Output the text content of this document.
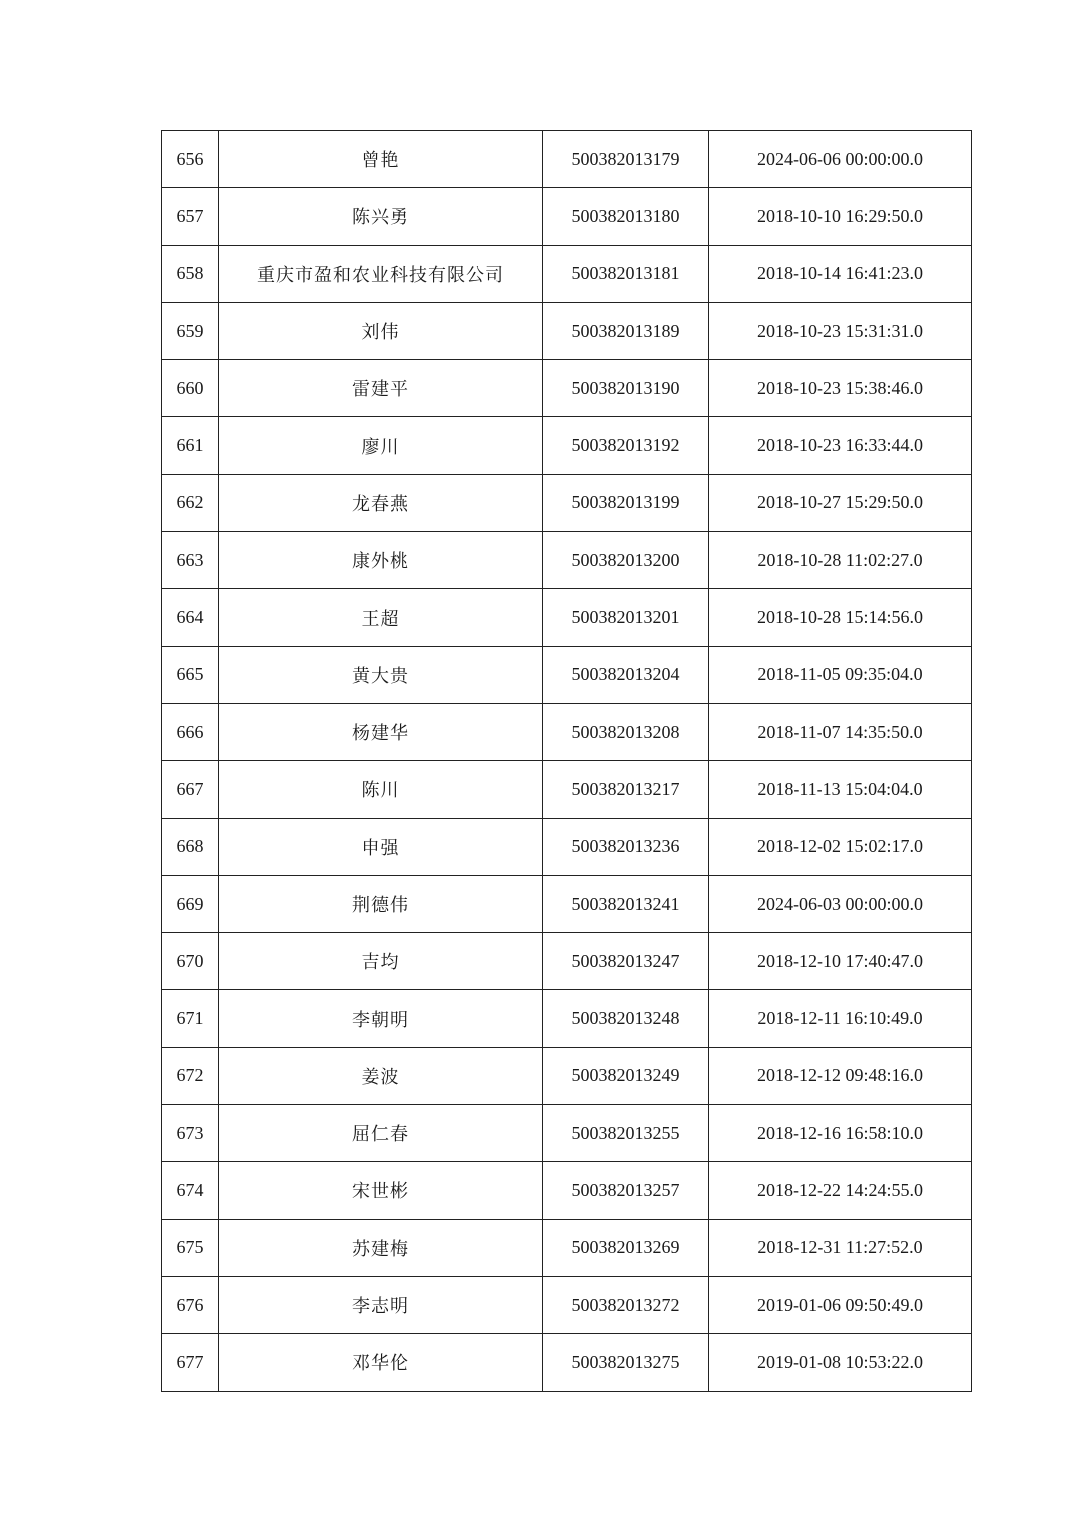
656	曾艳	500382013179	2024-06-06 00:00:00.0
657	陈兴勇	500382013180	2018-10-10 16:29:50.0
658	重庆市盈和农业科技有限公司	500382013181	2018-10-14 16:41:23.0
659	刘伟	500382013189	2018-10-23 15:31:31.0
660	雷建平	500382013190	2018-10-23 15:38:46.0
661	廖川	500382013192	2018-10-23 16:33:44.0
662	龙春燕	500382013199	2018-10-27 15:29:50.0
663	康外桃	500382013200	2018-10-28 11:02:27.0
664	王超	500382013201	2018-10-28 15:14:56.0
665	黄大贵	500382013204	2018-11-05 09:35:04.0
666	杨建华	500382013208	2018-11-07 14:35:50.0
667	陈川	500382013217	2018-11-13 15:04:04.0
668	申强	500382013236	2018-12-02 15:02:17.0
669	荆德伟	500382013241	2024-06-03 00:00:00.0
670	吉均	500382013247	2018-12-10 17:40:47.0
671	李朝明	500382013248	2018-12-11 16:10:49.0
672	姜波	500382013249	2018-12-12 09:48:16.0
673	屈仁春	500382013255	2018-12-16 16:58:10.0
674	宋世彬	500382013257	2018-12-22 14:24:55.0
675	苏建梅	500382013269	2018-12-31 11:27:52.0
676	李志明	500382013272	2019-01-06 09:50:49.0
677	邓华伦	500382013275	2019-01-08 10:53:22.0
